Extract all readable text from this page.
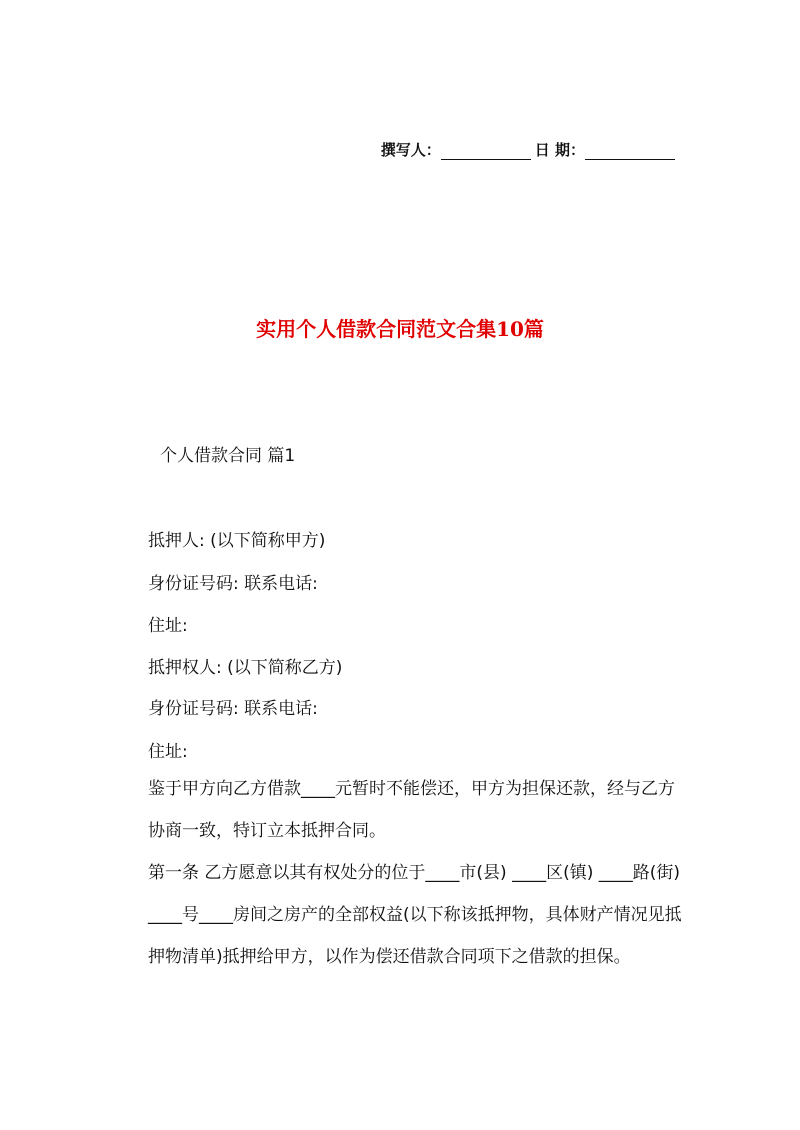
撰写人：	日 期：
实用个人借款合同范文合集10篇
个人借款合同 篇1
抵押人: (以下简称甲方)
身份证号码: 联系电话:
住址:
抵押权人: (以下简称乙方)
身份证号码: 联系电话:
住址:
鉴于甲方向乙方借款____元暂时不能偿还，甲方为担保还款，经与乙方协商一致，特订立本抵押合同。
第一条 乙方愿意以其有权处分的位于____市(县) ____区(镇) ____路(街) ____号____房间之房产的全部权益(以下称该抵押物，具体财产情况见抵押物清单)抵押给甲方，以作为偿还借款合同项下之借款的担保。
